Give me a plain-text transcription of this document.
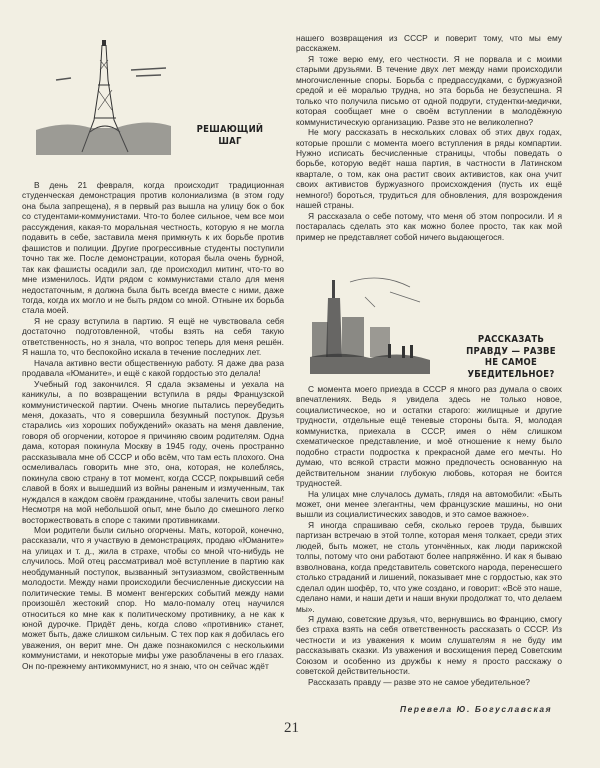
РЕШАЮЩИЙ ШАГ

В день 21 февраля, когда происходит традиционная студенческая демонстрация против колониализма (в этом году она была запрещена), я в первый раз вышла на улицу бок о бок со студентами-коммунистами. Что-то более сильное, чем все мои рассуждения, какая-то моральная честность, которую я не могла подавить в себе, заставила меня примкнуть к их борьбе против фашистов и полиции. Другие прогрессивные студенты поступили точно так же. После демонстрации, которая была очень бурной, так как фашисты осадили зал, где происходил митинг, что-то во мне изменилось. Идти рядом с коммунистами стало для меня недостаточным, я должна была быть всегда вместе с ними, даже тогда, когда их могло и не быть рядом со мной. Отныне их борьба стала моей.

Я не сразу вступила в партию. Я ещё не чувствовала себя достаточно подготовленной, чтобы взять на себя такую ответственность, но я знала, что вопрос теперь для меня решён. Я нашла то, что беспокойно искала в течение последних лет.

Начала активно вести общественную работу. Я даже два раза продавала «Юманите», и ещё с какой гордостью это делала!

Учебный год закончился. Я сдала экзамены и уехала на каникулы, а по возвращении вступила в ряды Французской коммунистической партии. Очень многие пытались переубедить меня, доказать, что я совершила безумный поступок. Друзья старались «из хороших побуждений» оказать на меня давление, говоря об огорчении, которое я причиняю своим родителям. Одна дама, которая покинула Москву в 1945 году, очень пространно рассказывала мне об СССР и обо всём, что там есть плохого. Она осмеливалась говорить мне это, она, которая, не колеблясь, покинула свою страну в тот момент, когда СССР, покрывший себя славой в боях и вышедший из войны раненым и измученным, так нуждался в каждом своём гражданине, чтобы залечить свои раны! Несмотря на мой небольшой опыт, мне было до смешного легко восторжествовать в споре с такими противниками.

Мои родители были сильно огорчены. Мать, которой, конечно, рассказали, что я участвую в демонстрациях, продаю «Юманите» на улицах и т. д., жила в страхе, чтобы со мной что-нибудь не случилось. Мой отец рассматривал моё вступление в партию как необдуманный поступок, вызванный энтузиазмом, свойственным молодости. Между нами происходили бесчисленные дискуссии на политические темы. В момент венгерских событий между нами произошёл жестокий спор. Но мало-помалу отец научился относиться ко мне как к политическому противнику, а не как к юной дурочке. Придёт день, когда слово «противник» станет, может быть, даже слишком сильным. С тех пор как я добилась его уважения, он верит мне. Он даже познакомился с несколькими коммунистами, и некоторые мифы уже разоблачены в его глазах. Он по-прежнему антикоммунист, но я знаю, что он сейчас ждёт

нашего возвращения из СССР и поверит тому, что мы ему расскажем.

Я тоже верю ему, его честности. Я не порвала и с моими старыми друзьями. В течение двух лет между нами происходили многочисленные споры. Борьба с предрассудками, с буржуазной средой и её моралью трудна, но эта борьба не безуспешна. Я только что получила письмо от одной подруги, студентки-медички, которая сообщает мне о своём вступлении в молодёжную коммунистическую организацию. Разве это не великолепно?

Не могу рассказать в нескольких словах об этих двух годах, которые прошли с момента моего вступления в ряды компартии. Нужно исписать бесчисленные страницы, чтобы поведать о борьбе, которую ведёт наша партия, в частности в Латинском квартале, о том, как она растит своих активистов, как она учит своих активистов буржуазного происхождения (пусть их ещё немного!) бороться, трудиться для обновления, для возрождения нашей страны.

Я рассказала о себе потому, что меня об этом попросили. И я постаралась сделать это как можно более просто, так как мой пример не представляет собой ничего выдающегося.

РАССКАЗАТЬ ПРАВДУ — РАЗВЕ НЕ САМОЕ УБЕДИТЕЛЬНОЕ?

С момента моего приезда в СССР я много раз думала о своих впечатлениях. Ведь я увидела здесь не только новое, социалистическое, но и остатки старого: жилищные и другие трудности, отдельные ещё теневые стороны быта. Я, молодая коммунистка, приехала в СССР, имея о нём слишком схематическое представление, и моё отношение к нему было подобно страсти подростка к прекрасной даме его мечты. Но думаю, что всякой страсти можно предпочесть основанную на действительном знании глубокую любовь, которая не боится трудностей.

На улицах мне случалось думать, глядя на автомобили: «Быть может, они менее элегантны, чем французские машины, но они вышли из социалистических заводов, и это самое важное».

Я иногда спрашиваю себя, сколько героев труда, бывших партизан встречаю в этой толпе, которая меня толкает, среди этих людей, быть может, не столь утончённых, как люди парижской толпы, потому что они работают более напряжённо. И как я бываю взволнована, когда представитель советского народа, перенесшего столько страданий и лишений, показывает мне с гордостью, как это сделал один шофёр, то, что уже создано, и говорит: «Всё это наше, сделано нами, и наши дети и наши внуки продолжат то, что делаем мы».

Я думаю, советские друзья, что, вернувшись во Францию, смогу без страха взять на себя ответственность рассказать о СССР. Из честности и из уважения к моим слушателям я не буду им рассказывать сказки. Из уважения и восхищения перед Советским Союзом и особенно из дружбы к нему я просто расскажу о советской действительности.

Рассказать правду — разве это не самое убедительное?

Перевела Ю. Богуславская
21
